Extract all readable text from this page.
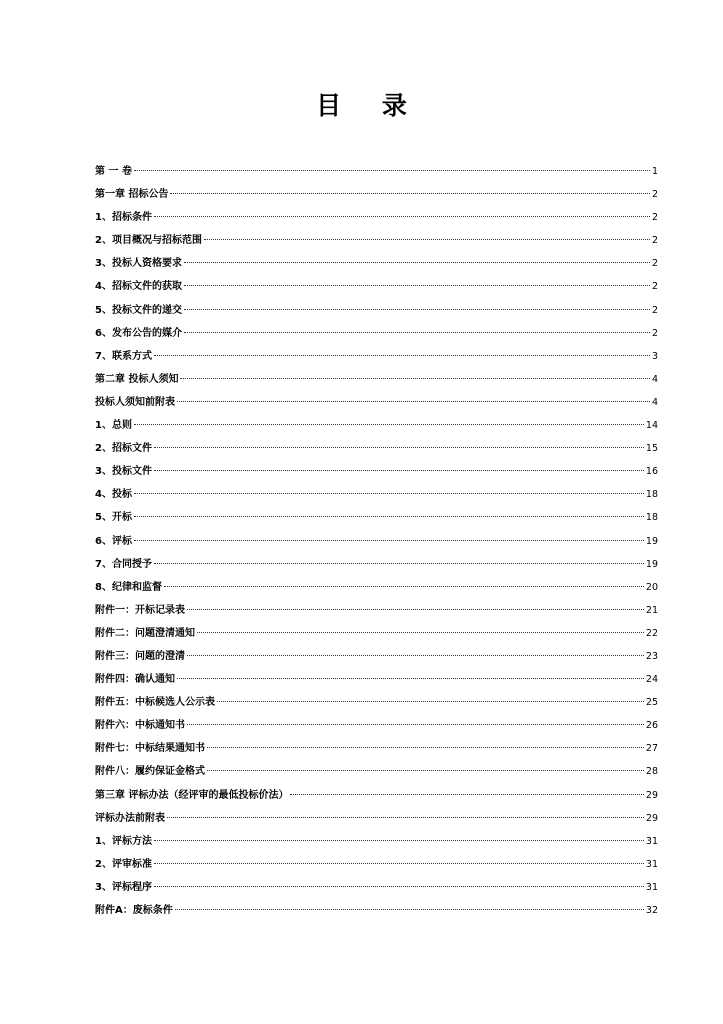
目 录
第 一 卷	1
第一章 招标公告	2
1、招标条件	2
2、项目概况与招标范围	2
3、投标人资格要求	2
4、招标文件的获取	2
5、投标文件的递交	2
6、发布公告的媒介	2
7、联系方式	3
第二章 投标人须知	4
投标人须知前附表	4
1、总则	14
2、招标文件	15
3、投标文件	16
4、投标	18
5、开标	18
6、评标	19
7、合同授予	19
8、纪律和监督	20
附件一：开标记录表	21
附件二：问题澄清通知	22
附件三：问题的澄清	23
附件四：确认通知	24
附件五：中标候选人公示表	25
附件六：中标通知书	26
附件七：中标结果通知书	27
附件八：履约保证金格式	28
第三章 评标办法（经评审的最低投标价法）	29
评标办法前附表	29
1、评标方法	31
2、评审标准	31
3、评标程序	31
附件A：废标条件	32
